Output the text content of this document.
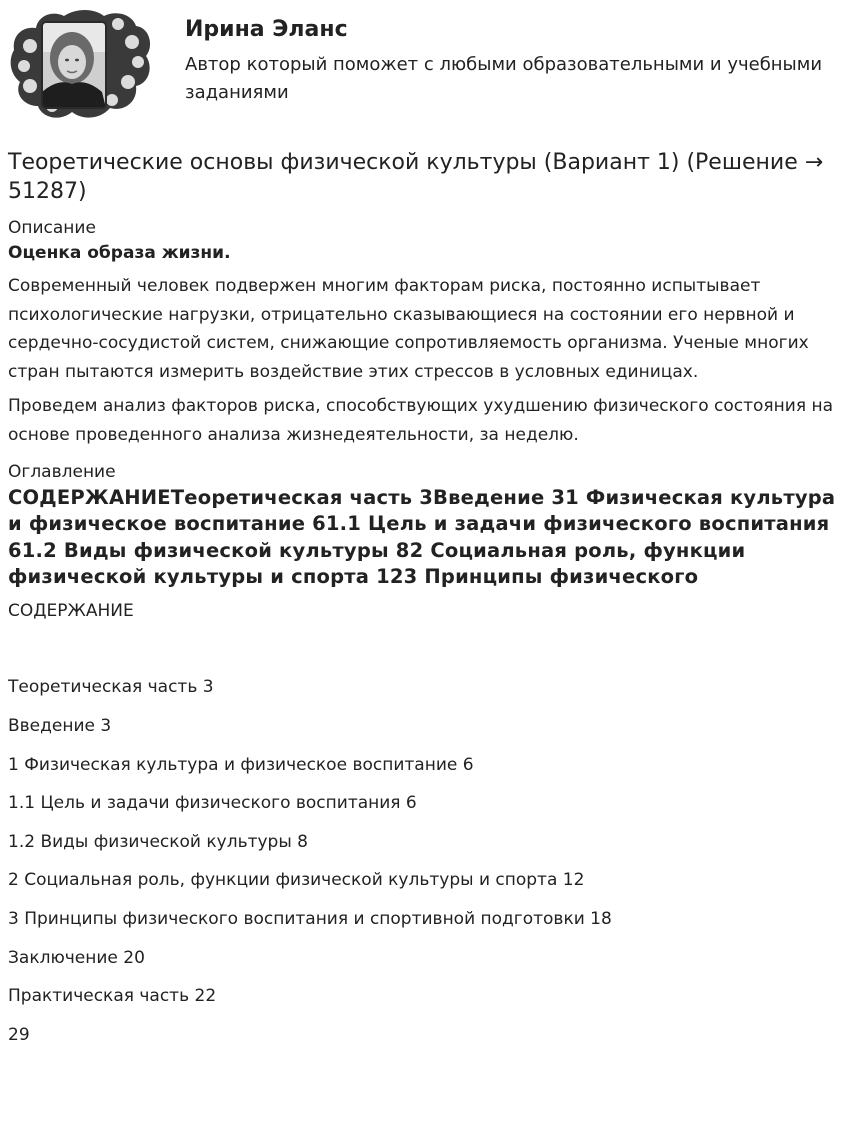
Ирина Эланс
Автор который поможет с любыми образовательными и учебными заданиями
Теоретические основы физической культуры (Вариант 1) (Решение → 51287)
Описание
Оценка образа жизни.
Современный человек подвержен многим факторам риска, постоянно испытывает психологические нагрузки, отрицательно сказывающиеся на состоянии его нервной и сердечно-сосудистой систем, снижающие сопротивляемость организма. Ученые многих стран пытаются измерить воздействие этих стрессов в условных единицах.
Проведем анализ факторов риска, способствующих ухудшению физического состояния на основе проведенного анализа жизнедеятельности, за неделю.
Оглавление
СОДЕРЖАНИЕТеоретическая часть 3Введение 31 Физическая культура и физическое воспитание 61.1 Цель и задачи физического воспитания 61.2 Виды физической культуры 82 Социальная роль, функции физической культуры и спорта 123 Принципы физического
СОДЕРЖАНИЕ
Теоретическая часть 3
Введение 3
1 Физическая культура и физическое воспитание 6
1.1 Цель и задачи физического воспитания 6
1.2 Виды физической культуры 8
2 Социальная роль, функции физической культуры и спорта 12
3 Принципы физического воспитания и спортивной подготовки 18
Заключение 20
Практическая часть 22
29
